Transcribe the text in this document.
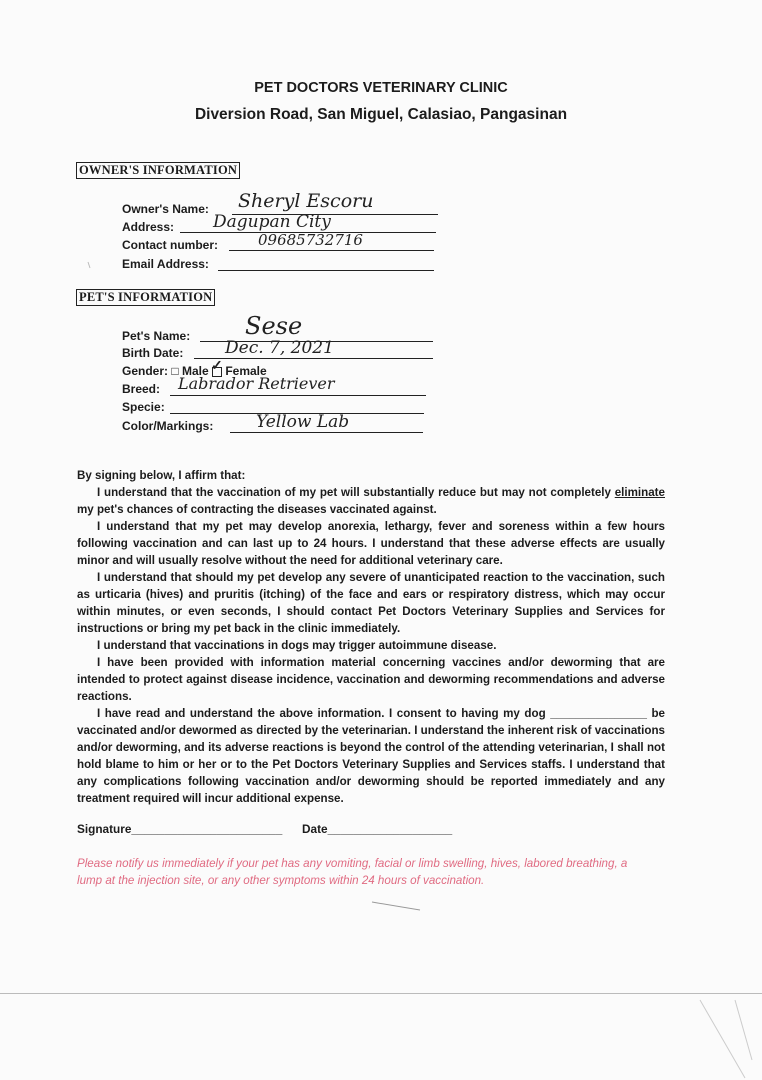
PET DOCTORS VETERINARY CLINIC
Diversion Road, San Miguel, Calasiao, Pangasinan
OWNER'S INFORMATION
Owner's Name: Sheryl Escoru
Address: Dagupan City
Contact number:	09685732716
Email Address:
PET'S INFORMATION
Pet's Name: Sese
Birth Date: Dec. 7, 2021
Gender: □ Male ✓ Female
Breed: Labrador Retriever
Specie:
Color/Markings:	Yellow Lab

By signing below, I affirm that:

I understand that the vaccination of my pet will substantially reduce but may not completely eliminate my pet's chances of contracting the diseases vaccinated against.

I understand that my pet may develop anorexia, lethargy, fever and soreness within a few hours following vaccination and can last up to 24 hours. I understand that these adverse effects are usually minor and will usually resolve without the need for additional veterinary care.

I understand that should my pet develop any severe of unanticipated reaction to the vaccination, such as urticaria (hives) and pruritis (itching) of the face and ears or respiratory distress, which may occur within minutes, or even seconds, I should contact Pet Doctors Veterinary Supplies and Services for instructions or bring my pet back in the clinic immediately.

I understand that vaccinations in dogs may trigger autoimmune disease.

I have been provided with information material concerning vaccines and/or deworming that are intended to protect against disease incidence, vaccination and deworming recommendations and adverse reactions.

I have read and understand the above information. I consent to having my dog _______________ be vaccinated and/or dewormed as directed by the veterinarian. I understand the inherent risk of vaccinations and/or deworming, and its adverse reactions is beyond the control of the attending veterinarian, I shall not hold blame to him or her or to the Pet Doctors Veterinary Supplies and Services staffs. I understand that any complications following vaccination and/or deworming should be reported immediately and any treatment required will incur additional expense.

Signature_______________________ Date___________________
Please notify us immediately if your pet has any vomiting, facial or limb swelling, hives, labored breathing, a lump at the injection site, or any other symptoms within 24 hours of vaccination.
